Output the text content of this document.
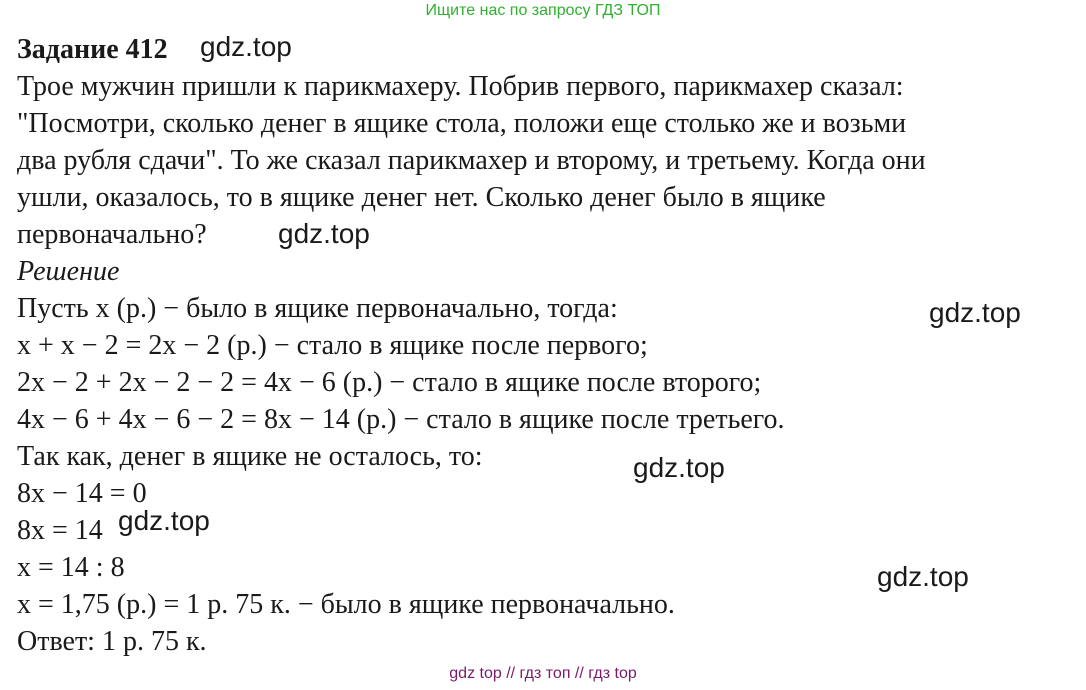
Ищите нас по запросу ГДЗ ТОП
Задание 412
Трое мужчин пришли к парикмахеру. Побрив первого, парикмахер сказал:
"Посмотри, сколько денег в ящике стола, положи еще столько же и возьми
два рубля сдачи". То же сказал парикмахер и второму, и третьему. Когда они
ушли, оказалось, то в ящике денег нет. Сколько денег было в ящике
первоначально?
Решение
Пусть x (р.) − было в ящике первоначально, тогда:
x + x − 2 = 2x − 2 (р.) − стало в ящике после первого;
2x − 2 + 2x − 2 − 2 = 4x − 6 (р.) − стало в ящике после второго;
4x − 6 + 4x − 6 − 2 = 8x − 14 (р.) − стало в ящике после третьего.
Так как, денег в ящике не осталось, то:
8x − 14 = 0
8x = 14
x = 14 : 8
x = 1,75 (р.) = 1 р. 75 к. − было в ящике первоначально.
Ответ: 1 р. 75 к.
gdz.top
gdz.top
gdz.top
gdz.top
gdz.top
gdz.top
gdz top // гдз топ // гдз top
